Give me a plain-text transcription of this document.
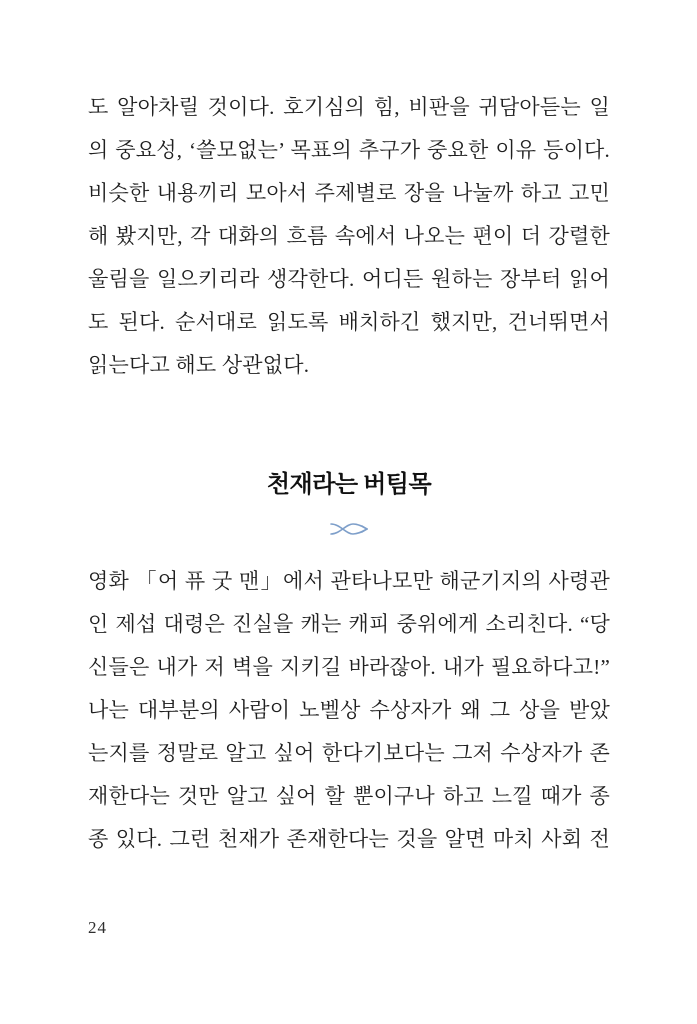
도 알아차릴 것이다. 호기심의 힘, 비판을 귀담아듣는 일
의 중요성, ‘쓸모없는’ 목표의 추구가 중요한 이유 등이다.
비슷한 내용끼리 모아서 주제별로 장을 나눌까 하고 고민
해 봤지만, 각 대화의 흐름 속에서 나오는 편이 더 강렬한
울림을 일으키리라 생각한다. 어디든 원하는 장부터 읽어
도 된다. 순서대로 읽도록 배치하긴 했지만, 건너뛰면서
읽는다고 해도 상관없다.
천재라는 버팀목
영화 「어 퓨 굿 맨」에서 관타나모만 해군기지의 사령관
인 제섭 대령은 진실을 캐는 캐피 중위에게 소리친다. “당
신들은 내가 저 벽을 지키길 바라잖아. 내가 필요하다고!”
나는 대부분의 사람이 노벨상 수상자가 왜 그 상을 받았
는지를 정말로 알고 싶어 한다기보다는 그저 수상자가 존
재한다는 것만 알고 싶어 할 뿐이구나 하고 느낄 때가 종
종 있다. 그런 천재가 존재한다는 것을 알면 마치 사회 전
24
